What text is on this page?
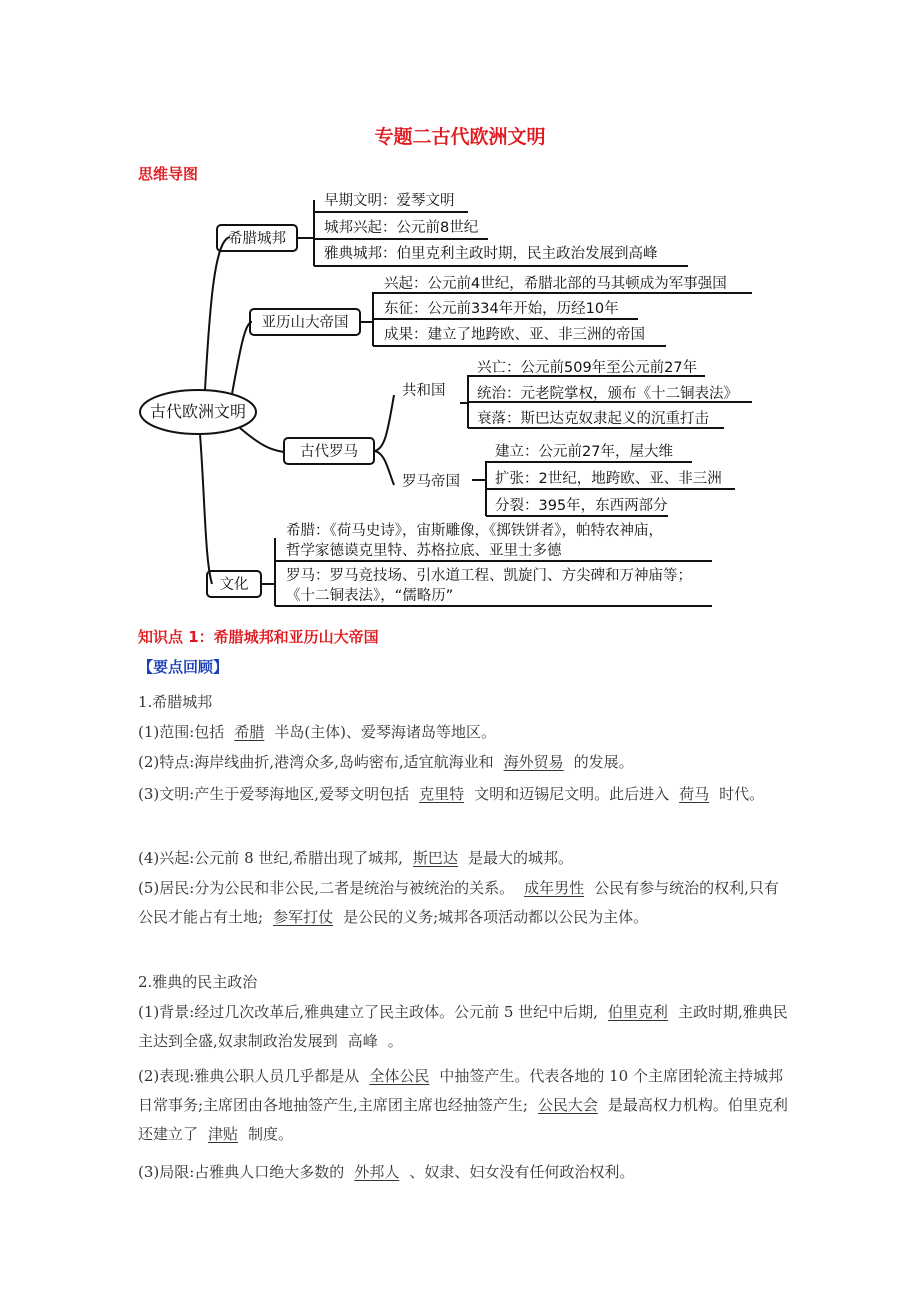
专题二古代欧洲文明
思维导图
古代欧洲文明
希腊城邦
早期文明：爱琴文明
城邦兴起：公元前8世纪
雅典城邦：伯里克利主政时期，民主政治发展到高峰
亚历山大帝国
兴起：公元前4世纪，希腊北部的马其顿成为军事强国
东征：公元前334年开始，历经10年
成果：建立了地跨欧、亚、非三洲的帝国
古代罗马
共和国
兴亡：公元前509年至公元前27年
统治：元老院掌权，颁布《十二铜表法》
衰落：斯巴达克奴隶起义的沉重打击
罗马帝国
建立：公元前27年，屋大维
扩张：2世纪，地跨欧、亚、非三洲
分裂：395年，东西两部分
文化
希腊：《荷马史诗》，宙斯雕像，《掷铁饼者》，帕特农神庙，
哲学家德谟克里特、苏格拉底、亚里士多德
罗马：罗马竞技场、引水道工程、凯旋门、方尖碑和万神庙等；
《十二铜表法》，“儒略历”
知识点 1：希腊城邦和亚历山大帝国
【要点回顾】
1.希腊城邦
(1)范围:包括 希腊 半岛(主体)、爱琴海诸岛等地区。
(2)特点:海岸线曲折,港湾众多,岛屿密布,适宜航海业和 海外贸易 的发展。
(3)文明:产生于爱琴海地区,爱琴文明包括 克里特 文明和迈锡尼文明。此后进入 荷马 时代。
(4)兴起:公元前 8 世纪,希腊出现了城邦, 斯巴达 是最大的城邦。
(5)居民:分为公民和非公民,二者是统治与被统治的关系。 成年男性 公民有参与统治的权利,只有公民才能占有土地; 参军打仗 是公民的义务;城邦各项活动都以公民为主体。
2.雅典的民主政治
(1)背景:经过几次改革后,雅典建立了民主政体。公元前 5 世纪中后期, 伯里克利 主政时期,雅典民主达到全盛,奴隶制政治发展到 高峰 。
(2)表现:雅典公职人员几乎都是从 全体公民 中抽签产生。代表各地的 10 个主席团轮流主持城邦日常事务;主席团由各地抽签产生,主席团主席也经抽签产生; 公民大会 是最高权力机构。伯里克利还建立了 津贴 制度。
(3)局限:占雅典人口绝大多数的 外邦人 、奴隶、妇女没有任何政治权利。
